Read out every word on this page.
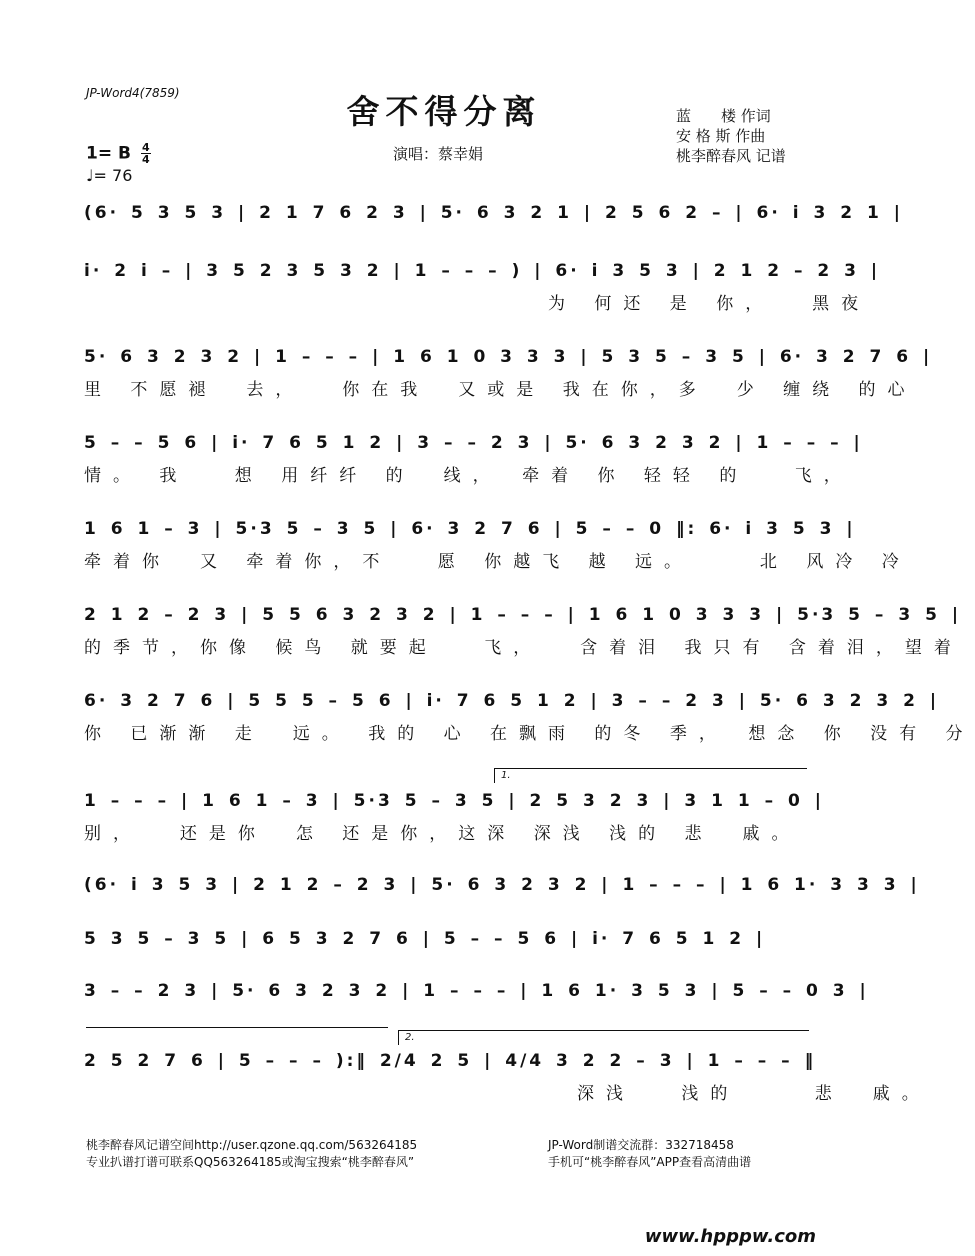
JP-Word4(7859)	舍不得分离
演唱：蔡幸娟
蓝　　楼 作词
安 格 斯 作曲
桃李醉春风 记谱
1= B $\frac{4}{4}$
♩= 76
(6· 5 3 5 3 | 2 1 7 6 2 3 | 5· 6 3 2 1 | 2 5 6 2 – | 6· i 3 2 1 |
i· 2 i – | 3 5 2 3 5 3 2 | 1 – – – ) | 6· i 3 5 3 | 2 1 2 – 2 3 |
　　　　　　　　　　　　　　　　为 何还 是 你，　 黑夜
5· 6 3 2 3 2 | 1 – – – | 1 6 1 0 3 3 3 | 5 3 5 – 3 5 | 6· 3 2 7 6 |
里 不愿褪　去，　 你在我　又或是 我在你，多　少 缠绕 的心
5 – – 5 6 | i· 7 6 5 1 2 | 3 – – 2 3 | 5· 6 3 2 3 2 | 1 – – – |
情。 我　 想 用纤纤 的　线，　牵着 你 轻轻 的　 飞，
1 6 1 – 3 | 5·3 5 – 3 5 | 6· 3 2 7 6 | 5 – – 0 ‖: 6· i 3 5 3 |
牵着你　又 牵着你，不　 愿 你越飞 越 远。　　 北 风冷 冷
2 1 2 – 2 3 | 5 5 6 3 2 3 2 | 1 – – – | 1 6 1 0 3 3 3 | 5·3 5 – 3 5 |
的季节，你像 候鸟 就要起　 飞，　 含着泪 我只有 含着泪，望着
6· 3 2 7 6 | 5 5 5 – 5 6 | i· 7 6 5 1 2 | 3 – – 2 3 | 5· 6 3 2 3 2 |
你 已渐渐 走　远。 我的 心 在飘雨 的冬 季，　想念 你 没有 分
1.
1 – – – | 1 6 1 – 3 | 5·3 5 – 3 5 | 2 5 3 2 3 | 3 1 1 – 0 |
别，　 还是你　怎 还是你，这深 深浅 浅的 悲　戚。
(6· i 3 5 3 | 2 1 2 – 2 3 | 5· 6 3 2 3 2 | 1 – – – | 1 6 1· 3 3 3 |
5 3 5 – 3 5 | 6 5 3 2 7 6 | 5 – – 5 6 | i· 7 6 5 1 2 |
3 – – 2 3 | 5· 6 3 2 3 2 | 1 – – – | 1 6 1· 3 5 3 | 5 – – 0 3 |
2.
2 5 2 7 6 | 5 – – – ):‖ 2/4 2 5 | 4/4 3 2 2 – 3 | 1 – – – ‖
　　　　　　　　　　　　　　　　　深浅　 浅的　　 悲　戚。
桃李醉春风记谱空间http://user.qzone.qq.com/563264185
专业扒谱打谱可联系QQ563264185或淘宝搜索“桃李醉春风”
JP-Word制谱交流群：332718458
手机可“桃李醉春风”APP查看高清曲谱
www.hpppw.com
